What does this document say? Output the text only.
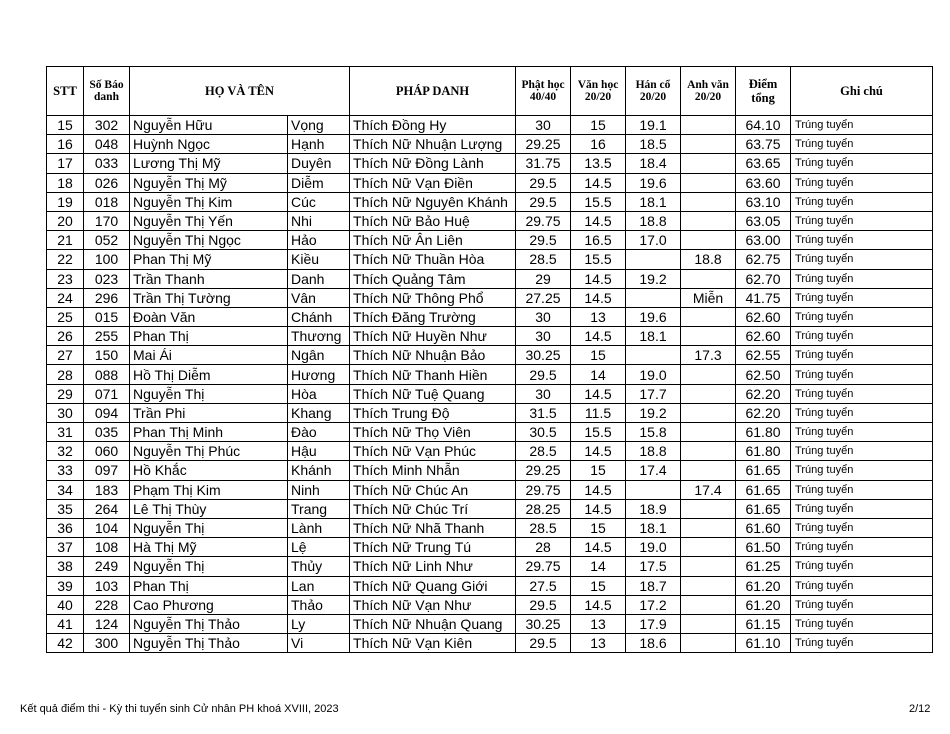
STT	Số Báo danh	HỌ VÀ TÊN		PHÁP DANH	Phật học 40/40	Văn học 20/20	Hán cổ 20/20	Anh văn 20/20	Điểm tổng	Ghi chú
15	302	Nguyễn Hữu	Vọng	Thích Đồng Hy	30	15	19.1		64.10	Trúng tuyển
16	048	Huỳnh Ngọc	Hạnh	Thích Nữ Nhuận Lượng	29.25	16	18.5		63.75	Trúng tuyển
17	033	Lương Thị Mỹ	Duyên	Thích Nữ Đồng Lành	31.75	13.5	18.4		63.65	Trúng tuyển
18	026	Nguyễn Thị Mỹ	Diễm	Thích Nữ Vạn Điền	29.5	14.5	19.6		63.60	Trúng tuyển
19	018	Nguyễn Thị Kim	Cúc	Thích Nữ Nguyên Khánh	29.5	15.5	18.1		63.10	Trúng tuyển
20	170	Nguyễn Thị Yến	Nhi	Thích Nữ Bảo Huệ	29.75	14.5	18.8		63.05	Trúng tuyển
21	052	Nguyễn Thị Ngọc	Hảo	Thích Nữ Ân Liên	29.5	16.5	17.0		63.00	Trúng tuyển
22	100	Phan Thị Mỹ	Kiều	Thích Nữ Thuần Hòa	28.5	15.5		18.8	62.75	Trúng tuyển
23	023	Trần Thanh	Danh	Thích Quảng Tâm	29	14.5	19.2		62.70	Trúng tuyển
24	296	Trần Thị Tường	Vân	Thích Nữ Thông Phổ	27.25	14.5		Miễn	41.75	Trúng tuyển
25	015	Đoàn Văn	Chánh	Thích Đăng Trường	30	13	19.6		62.60	Trúng tuyển
26	255	Phan Thị	Thương	Thích Nữ Huyền Như	30	14.5	18.1		62.60	Trúng tuyển
27	150	Mai Ái	Ngân	Thích Nữ Nhuận Bảo	30.25	15		17.3	62.55	Trúng tuyển
28	088	Hồ Thị Diễm	Hương	Thích Nữ Thanh Hiền	29.5	14	19.0		62.50	Trúng tuyển
29	071	Nguyễn Thị	Hòa	Thích Nữ Tuệ Quang	30	14.5	17.7		62.20	Trúng tuyển
30	094	Trần Phi	Khang	Thích Trung Độ	31.5	11.5	19.2		62.20	Trúng tuyển
31	035	Phan Thị Minh	Đào	Thích Nữ Thọ Viên	30.5	15.5	15.8		61.80	Trúng tuyển
32	060	Nguyễn Thị Phúc	Hậu	Thích Nữ Vạn Phúc	28.5	14.5	18.8		61.80	Trúng tuyển
33	097	Hồ Khắc	Khánh	Thích Minh Nhẫn	29.25	15	17.4		61.65	Trúng tuyển
34	183	Phạm Thị Kim	Ninh	Thích Nữ Chúc An	29.75	14.5		17.4	61.65	Trúng tuyển
35	264	Lê Thị Thùy	Trang	Thích Nữ Chúc Trí	28.25	14.5	18.9		61.65	Trúng tuyển
36	104	Nguyễn Thị	Lành	Thích Nữ Nhã Thanh	28.5	15	18.1		61.60	Trúng tuyển
37	108	Hà Thị Mỹ	Lệ	Thích Nữ Trung Tú	28	14.5	19.0		61.50	Trúng tuyển
38	249	Nguyễn Thị	Thủy	Thích Nữ Linh Như	29.75	14	17.5		61.25	Trúng tuyển
39	103	Phan Thị	Lan	Thích Nữ Quang Giới	27.5	15	18.7		61.20	Trúng tuyển
40	228	Cao Phương	Thảo	Thích Nữ Vạn Như	29.5	14.5	17.2		61.20	Trúng tuyển
41	124	Nguyễn Thị Thảo	Ly	Thích Nữ Nhuận Quang	30.25	13	17.9		61.15	Trúng tuyển
42	300	Nguyễn Thị Thảo	Vi	Thích Nữ Vạn Kiên	29.5	13	18.6		61.10	Trúng tuyển
Kết quả điểm thi - Kỳ thi tuyển sinh Cử nhân PH khoá XVIII, 2023	2/12
